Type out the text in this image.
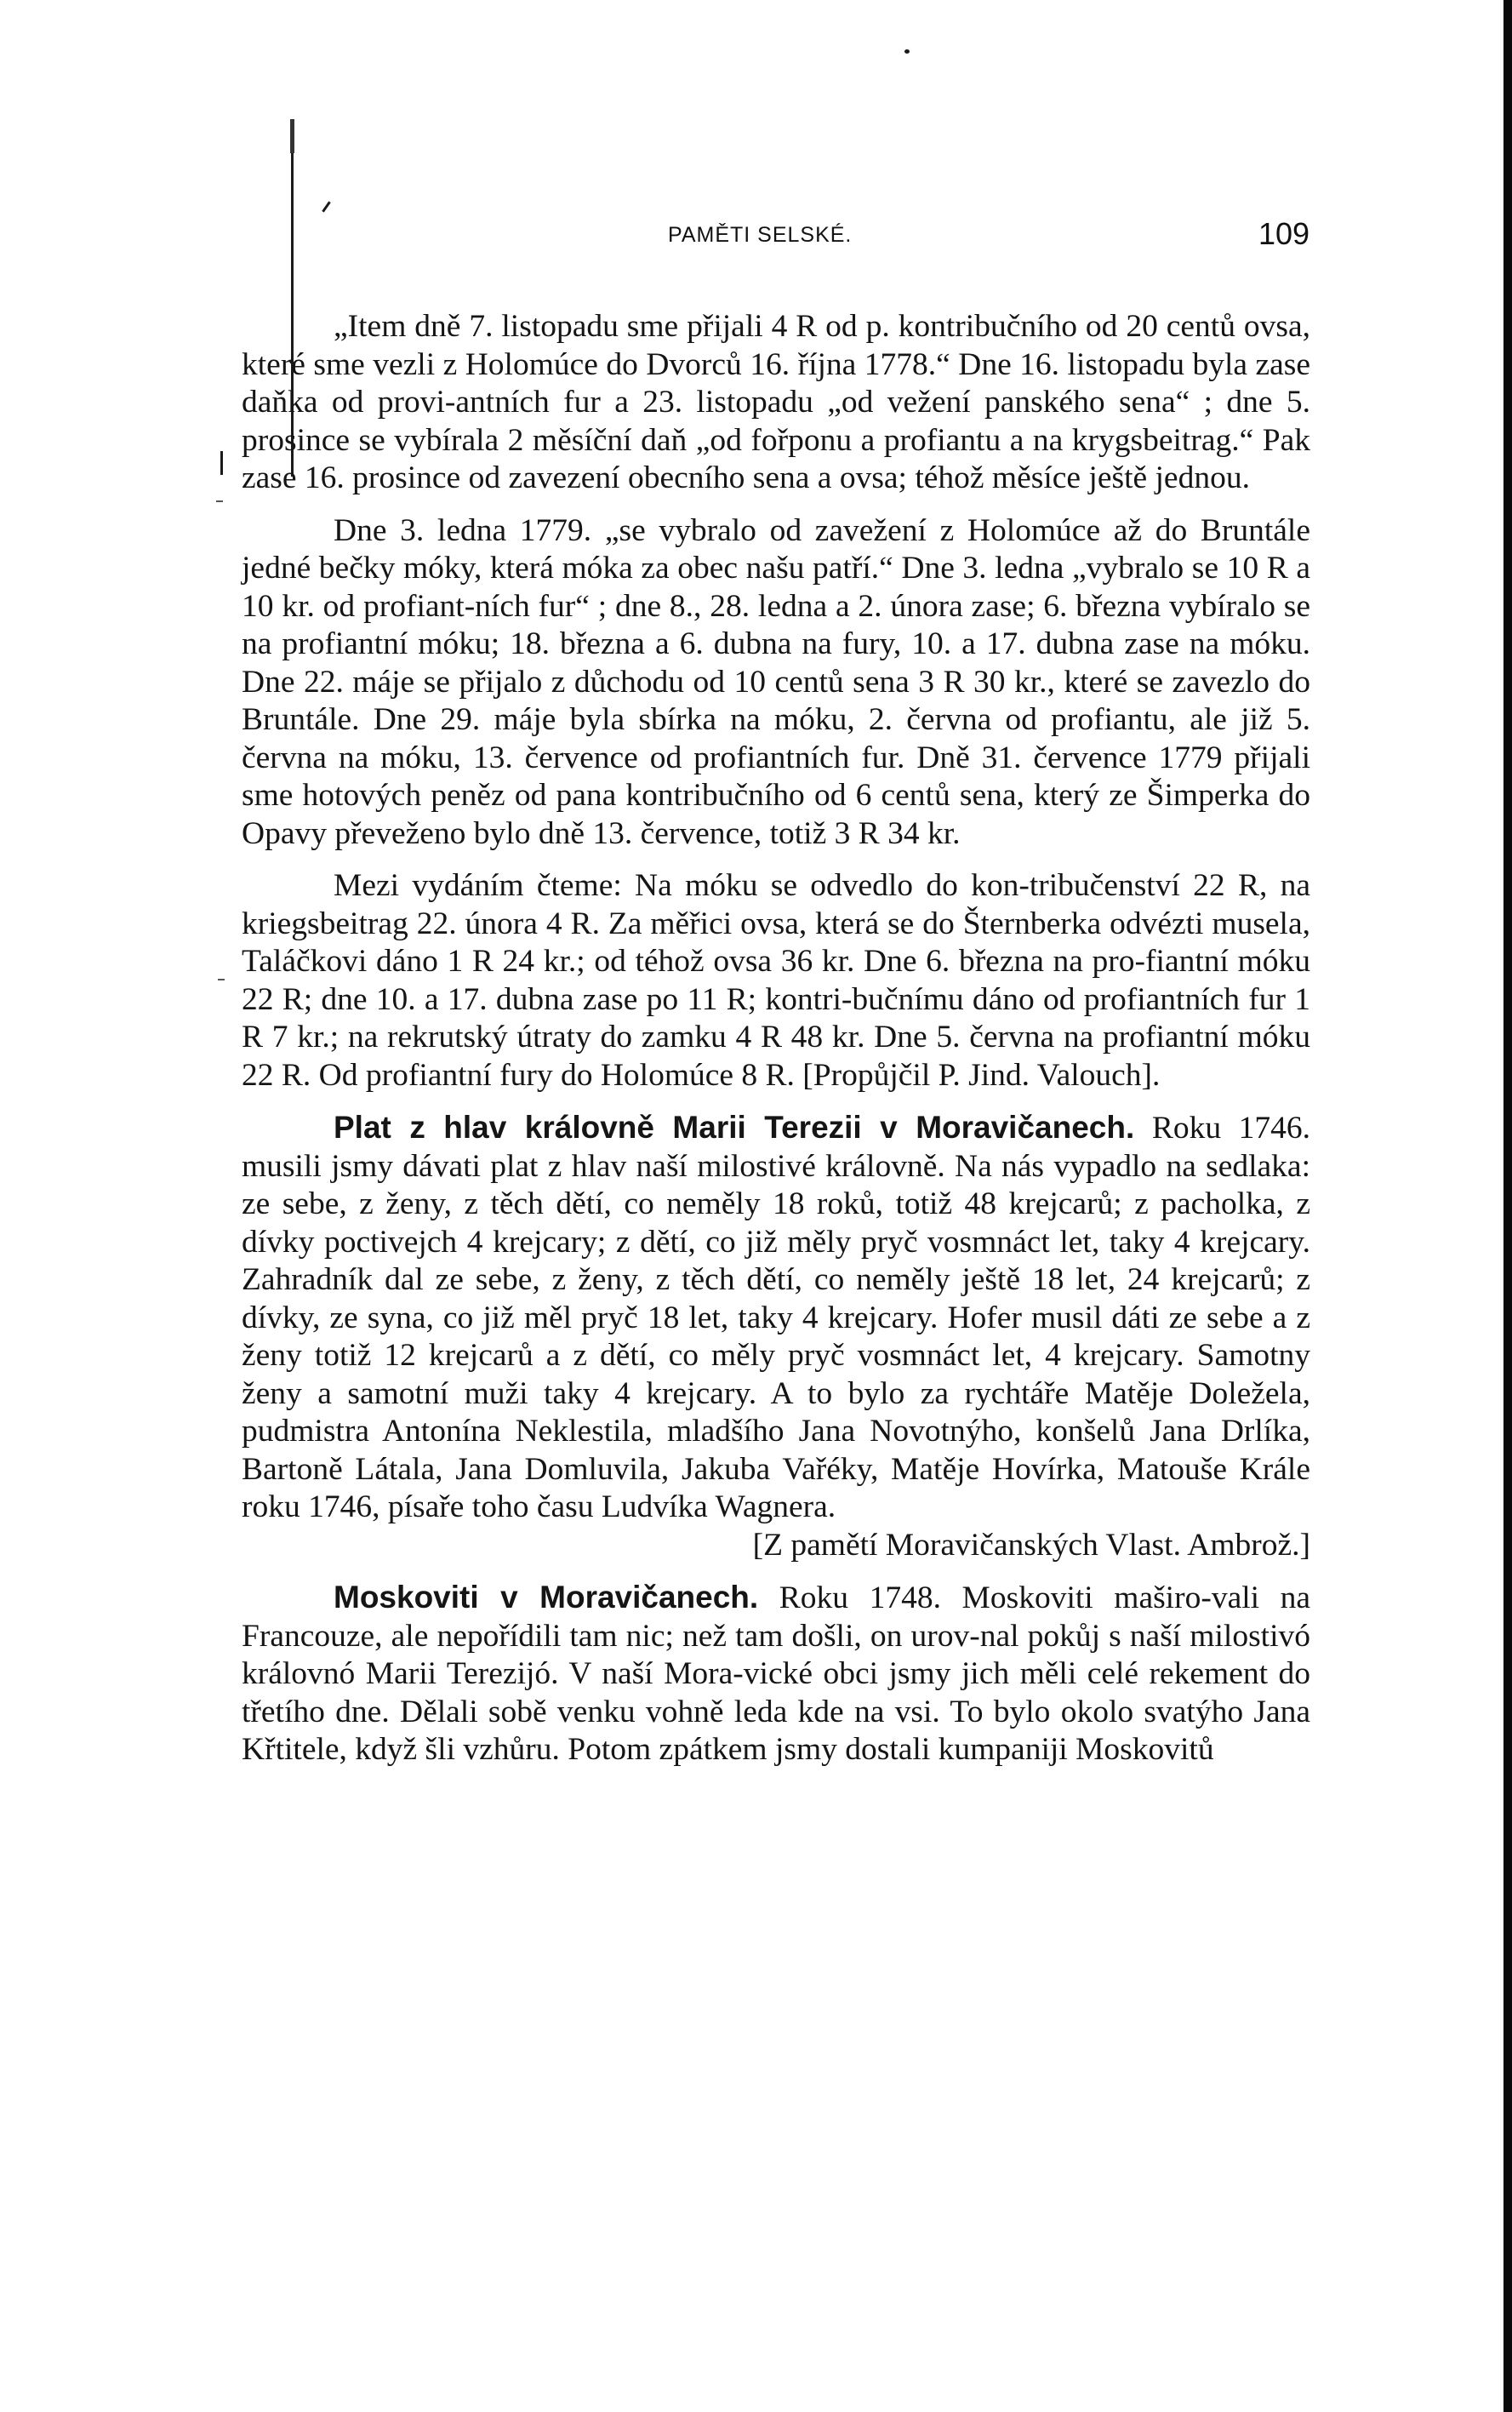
PAMĚTI SELSKÉ.	109

„Item dně 7. listopadu sme přijali 4 R od p. kontribučního od 20 centů ovsa, které sme vezli z Holomúce do Dvorců 16. října 1778.“ Dne 16. listopadu byla zase daňka od provi-antních fur a 23. listopadu „od vežení panského sena“ ; dne 5. prosince se vybírala 2 měsíční daň „od fořponu a profiantu a na krygsbeitrag.“ Pak zase 16. prosince od zavezení obecního sena a ovsa; téhož měsíce ještě jednou.

Dne 3. ledna 1779. „se vybralo od zavežení z Holomúce až do Bruntále jedné bečky móky, která móka za obec našu patří.“ Dne 3. ledna „vybralo se 10 R a 10 kr. od profiant-ních fur“ ; dne 8., 28. ledna a 2. února zase; 6. března vybíralo se na profiantní móku; 18. března a 6. dubna na fury, 10. a 17. dubna zase na móku. Dne 22. máje se přijalo z důchodu od 10 centů sena 3 R 30 kr., které se zavezlo do Bruntále. Dne 29. máje byla sbírka na móku, 2. června od profiantu, ale již 5. června na móku, 13. července od profiantních fur. Dně 31. července 1779 přijali sme hotových peněz od pana kontribučního od 6 centů sena, který ze Šimperka do Opavy převeženo bylo dně 13. července, totiž 3 R 34 kr.

Mezi vydáním čteme: Na móku se odvedlo do kon-tribučenství 22 R, na kriegsbeitrag 22. února 4 R. Za měřici ovsa, která se do Šternberka odvézti musela, Taláčkovi dáno 1 R 24 kr.; od téhož ovsa 36 kr. Dne 6. března na pro-fiantní móku 22 R; dne 10. a 17. dubna zase po 11 R; kontri-bučnímu dáno od profiantních fur 1 R 7 kr.; na rekrutský útraty do zamku 4 R 48 kr. Dne 5. června na profiantní móku 22 R. Od profiantní fury do Holomúce 8 R. [Propůjčil P. Jind. Valouch].

Plat z hlav královně Marii Terezii v Moravičanech. Roku 1746. musili jsmy dávati plat z hlav naší milostivé královně. Na nás vypadlo na sedlaka: ze sebe, z ženy, z těch dětí, co neměly 18 roků, totiž 48 krejcarů; z pacholka, z dívky poctivejch 4 krejcary; z dětí, co již měly pryč vosmnáct let, taky 4 krejcary. Zahradník dal ze sebe, z ženy, z těch dětí, co neměly ještě 18 let, 24 krejcarů; z dívky, ze syna, co již měl pryč 18 let, taky 4 krejcary. Hofer musil dáti ze sebe a z ženy totiž 12 krejcarů a z dětí, co měly pryč vosmnáct let, 4 krejcary. Samotny ženy a samotní muži taky 4 krejcary. A to bylo za rychtáře Matěje Doležela, pudmistra Antonína Neklestila, mladšího Jana Novotnýho, konšelů Jana Drlíka, Bartoně Látala, Jana Domluvila, Jakuba Vařéky, Matěje Hovírka, Matouše Krále roku 1746, písaře toho času Ludvíka Wagnera.

[Z pamětí Moravičanských Vlast. Ambrož.]

Moskoviti v Moravičanech. Roku 1748. Moskoviti maširo-vali na Francouze, ale nepořídili tam nic; než tam došli, on urov-nal pokůj s naší milostivó královnó Marii Terezijó. V naší Mora-vické obci jsmy jich měli celé rekement do třetího dne. Dělali sobě venku vohně leda kde na vsi. To bylo okolo svatýho Jana Křtitele, když šli vzhůru. Potom zpátkem jsmy dostali kumpaniji Moskovitů
